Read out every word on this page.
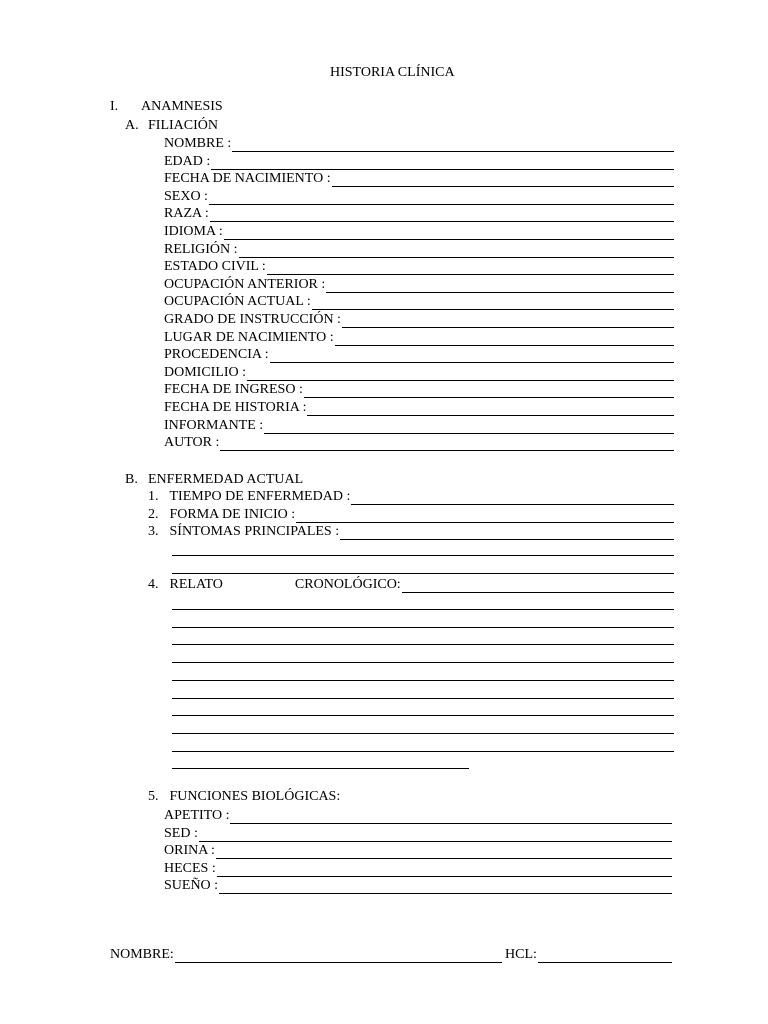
HISTORIA CLÍNICA
I. ANAMNESIS
A. FILIACIÓN
NOMBRE :
EDAD :
FECHA DE NACIMIENTO :
SEXO :
RAZA :
IDIOMA :
RELIGIÓN :
ESTADO CIVIL :
OCUPACIÓN ANTERIOR :
OCUPACIÓN ACTUAL :
GRADO DE INSTRUCCIÓN :
LUGAR DE NACIMIENTO :
PROCEDENCIA :
DOMICILIO :
FECHA DE INGRESO :
FECHA DE HISTORIA :
INFORMANTE :
AUTOR :
B. ENFERMEDAD ACTUAL
1. TIEMPO DE ENFERMEDAD :
2. FORMA DE INICIO :
3. SÍNTOMAS PRINCIPALES :
4. RELATO	CRONOLÓGICO:
5. FUNCIONES BIOLÓGICAS:
APETITO :
SED :
ORINA :
HECES :
SUEÑO :
NOMBRE:	HCL:
